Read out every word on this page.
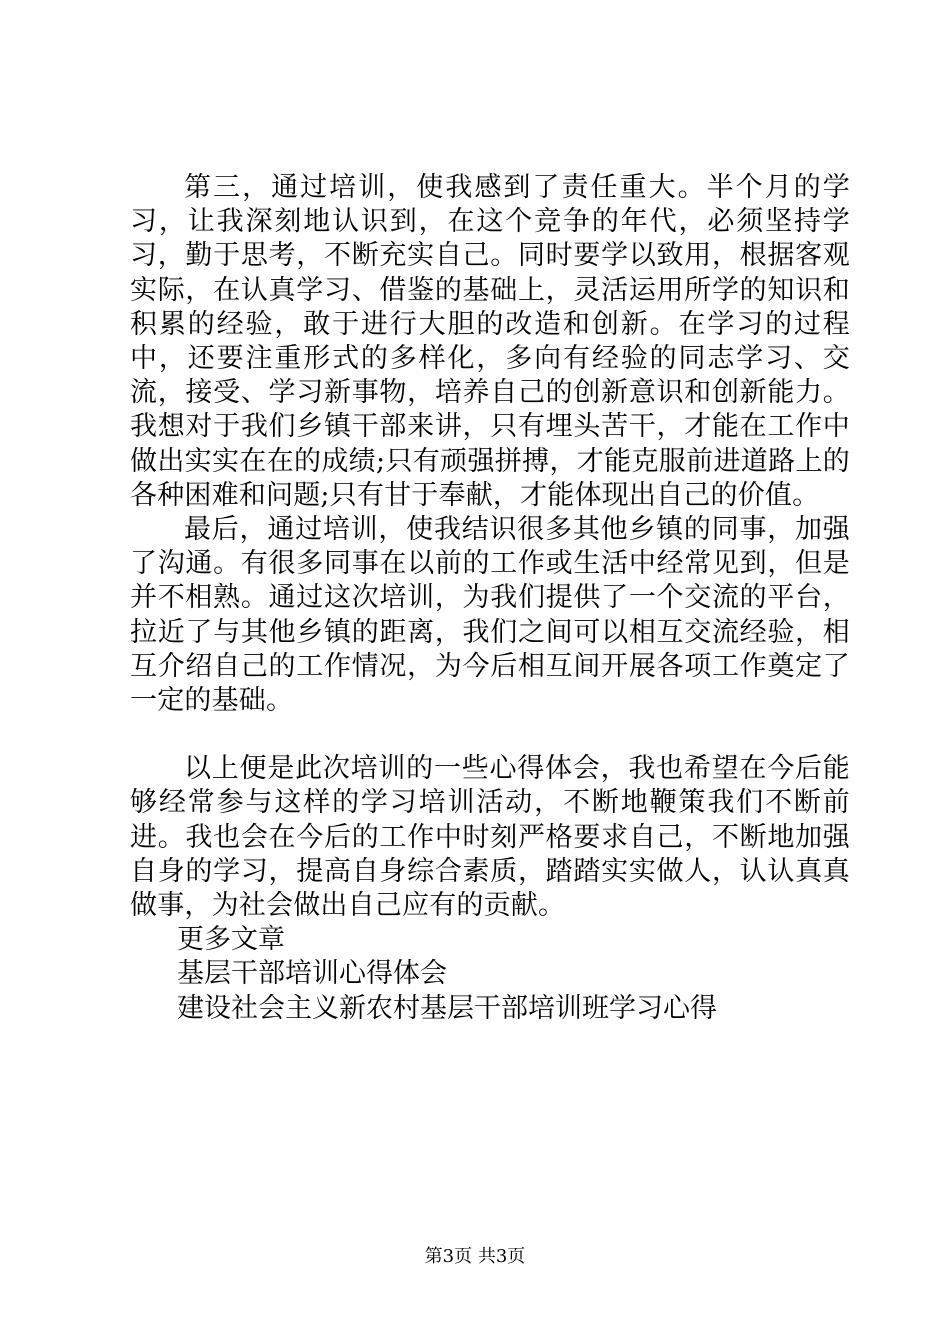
第三，通过培训，使我感到了责任重大。半个月的学习，让我深刻地认识到，在这个竞争的年代，必须坚持学习，勤于思考，不断充实自己。同时要学以致用，根据客观实际，在认真学习、借鉴的基础上，灵活运用所学的知识和积累的经验，敢于进行大胆的改造和创新。在学习的过程中，还要注重形式的多样化，多向有经验的同志学习、交流，接受、学习新事物，培养自己的创新意识和创新能力。我想对于我们乡镇干部来讲，只有埋头苦干，才能在工作中做出实实在在的成绩;只有顽强拼搏，才能克服前进道路上的各种困难和问题;只有甘于奉献，才能体现出自己的价值。

最后，通过培训，使我结识很多其他乡镇的同事，加强了沟通。有很多同事在以前的工作或生活中经常见到，但是并不相熟。通过这次培训，为我们提供了一个交流的平台，拉近了与其他乡镇的距离，我们之间可以相互交流经验，相互介绍自己的工作情况，为今后相互间开展各项工作奠定了一定的基础。

以上便是此次培训的一些心得体会，我也希望在今后能够经常参与这样的学习培训活动，不断地鞭策我们不断前进。我也会在今后的工作中时刻严格要求自己，不断地加强自身的学习，提高自身综合素质，踏踏实实做人，认认真真做事，为社会做出自己应有的贡献。

更多文章
基层干部培训心得体会
建设社会主义新农村基层干部培训班学习心得
第3页 共3页
